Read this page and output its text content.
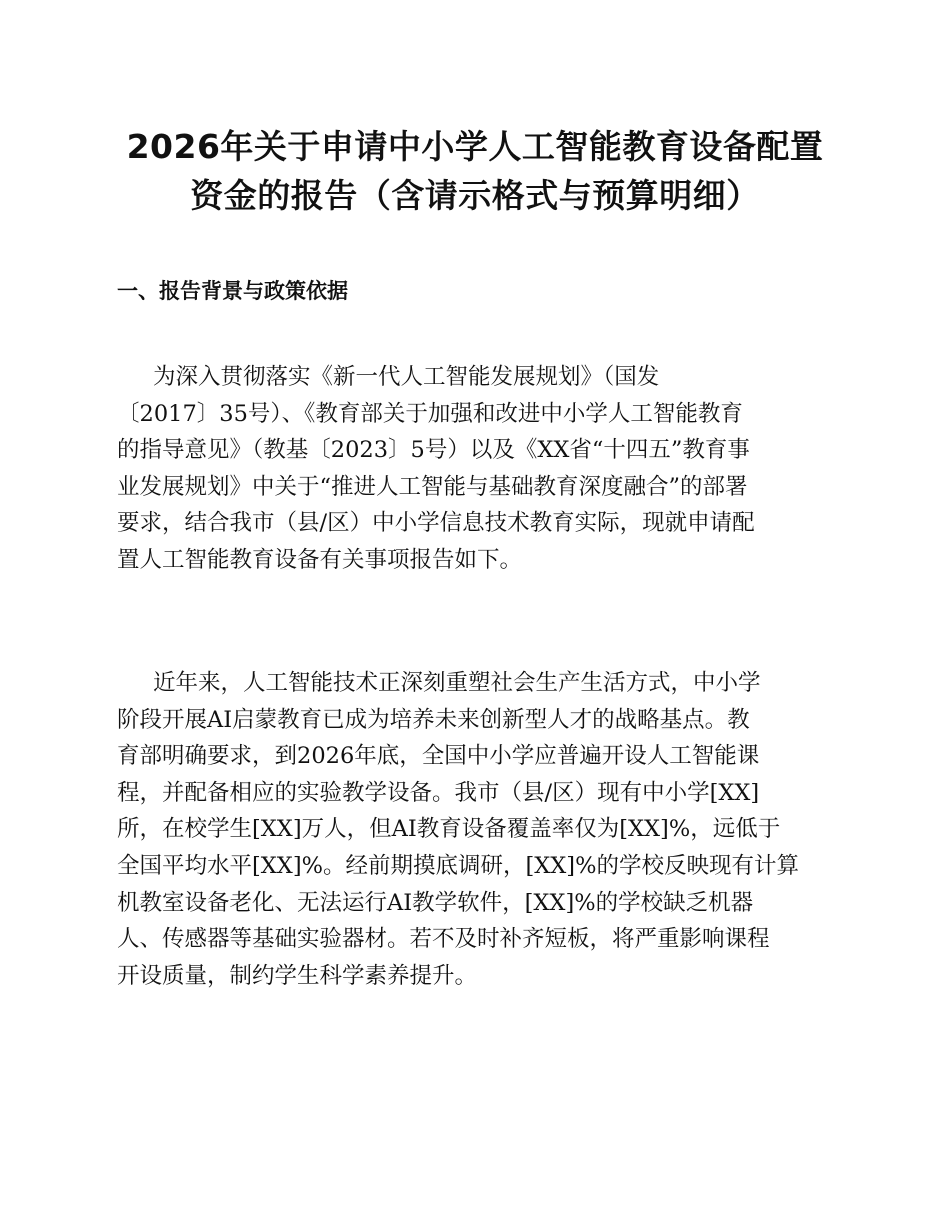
2026年关于申请中小学人工智能教育设备配置
资金的报告（含请示格式与预算明细）
一、报告背景与政策依据
为深入贯彻落实《新一代人工智能发展规划》（国发
〔2017〕35号）、《教育部关于加强和改进中小学人工智能教育
的指导意见》（教基〔2023〕5号）以及《XX省“十四五”教育事
业发展规划》中关于“推进人工智能与基础教育深度融合”的部署
要求，结合我市（县/区）中小学信息技术教育实际，现就申请配
置人工智能教育设备有关事项报告如下。
近年来，人工智能技术正深刻重塑社会生产生活方式，中小学
阶段开展AI启蒙教育已成为培养未来创新型人才的战略基点。教
育部明确要求，到2026年底，全国中小学应普遍开设人工智能课
程，并配备相应的实验教学设备。我市（县/区）现有中小学[XX]
所，在校学生[XX]万人，但AI教育设备覆盖率仅为[XX]%，远低于
全国平均水平[XX]%。经前期摸底调研，[XX]%的学校反映现有计算
机教室设备老化、无法运行AI教学软件，[XX]%的学校缺乏机器
人、传感器等基础实验器材。若不及时补齐短板，将严重影响课程
开设质量，制约学生科学素养提升。
